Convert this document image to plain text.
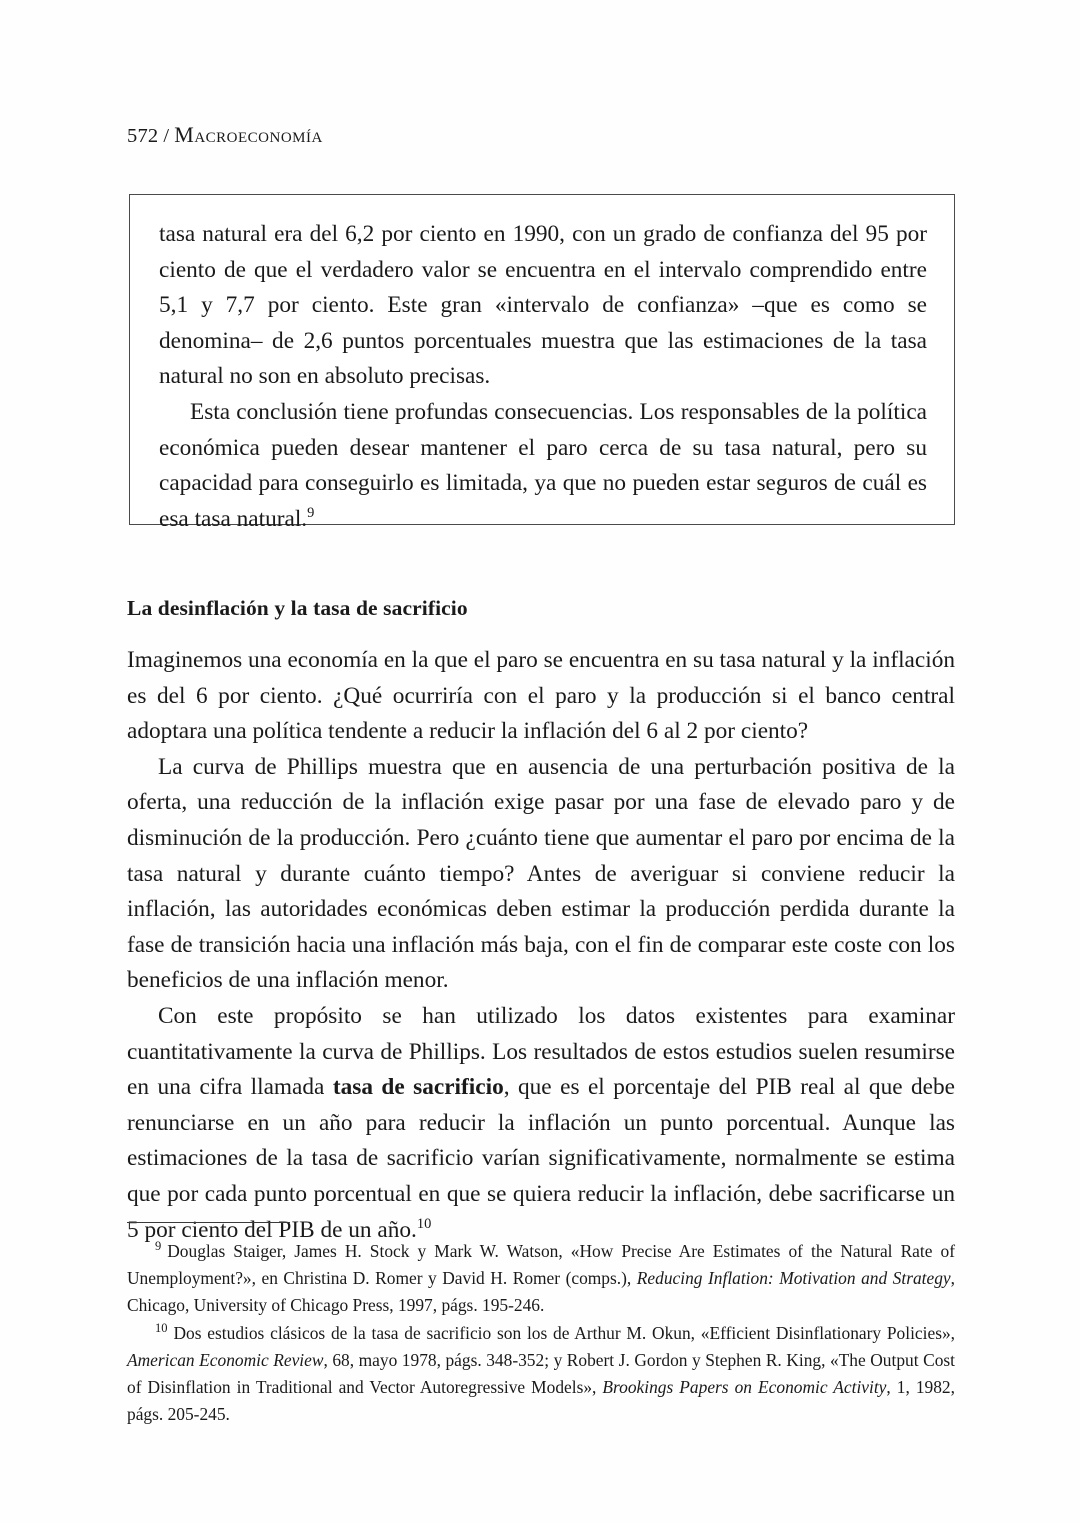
572 / Macroeconomía

tasa natural era del 6,2 por ciento en 1990, con un grado de confianza del 95 por ciento de que el verdadero valor se encuentra en el intervalo comprendido entre 5,1 y 7,7 por ciento. Este gran «intervalo de confianza» –que es como se denomina– de 2,6 puntos porcentuales muestra que las estimaciones de la tasa natural no son en absoluto precisas.

Esta conclusión tiene profundas consecuencias. Los responsables de la política económica pueden desear mantener el paro cerca de su tasa natural, pero su capacidad para conseguirlo es limitada, ya que no pueden estar seguros de cuál es esa tasa natural.$^9$

La desinflación y la tasa de sacrificio

Imaginemos una economía en la que el paro se encuentra en su tasa natural y la inflación es del 6 por ciento. ¿Qué ocurriría con el paro y la producción si el banco central adoptara una política tendente a reducir la inflación del 6 al 2 por ciento?

La curva de Phillips muestra que en ausencia de una perturbación positiva de la oferta, una reducción de la inflación exige pasar por una fase de elevado paro y de disminución de la producción. Pero ¿cuánto tiene que aumentar el paro por encima de la tasa natural y durante cuánto tiempo? Antes de averiguar si conviene reducir la inflación, las autoridades económicas deben estimar la producción perdida durante la fase de transición hacia una inflación más baja, con el fin de comparar este coste con los beneficios de una inflación menor.

Con este propósito se han utilizado los datos existentes para examinar cuantitativamente la curva de Phillips. Los resultados de estos estudios suelen resumirse en una cifra llamada tasa de sacrificio, que es el porcentaje del PIB real al que debe renunciarse en un año para reducir la inflación un punto porcentual. Aunque las estimaciones de la tasa de sacrificio varían significativamente, normalmente se estima que por cada punto porcentual en que se quiera reducir la inflación, debe sacrificarse un 5 por ciento del PIB de un año.$^{10}$

$^9$ Douglas Staiger, James H. Stock y Mark W. Watson, «How Precise Are Estimates of the Natural Rate of Unemployment?», en Christina D. Romer y David H. Romer (comps.), Reducing Inflation: Motivation and Strategy, Chicago, University of Chicago Press, 1997, págs. 195-246.

$^{10}$ Dos estudios clásicos de la tasa de sacrificio son los de Arthur M. Okun, «Efficient Disinflationary Policies», American Economic Review, 68, mayo 1978, págs. 348-352; y Robert J. Gordon y Stephen R. King, «The Output Cost of Disinflation in Traditional and Vector Autoregressive Models», Brookings Papers on Economic Activity, 1, 1982, págs. 205-245.
